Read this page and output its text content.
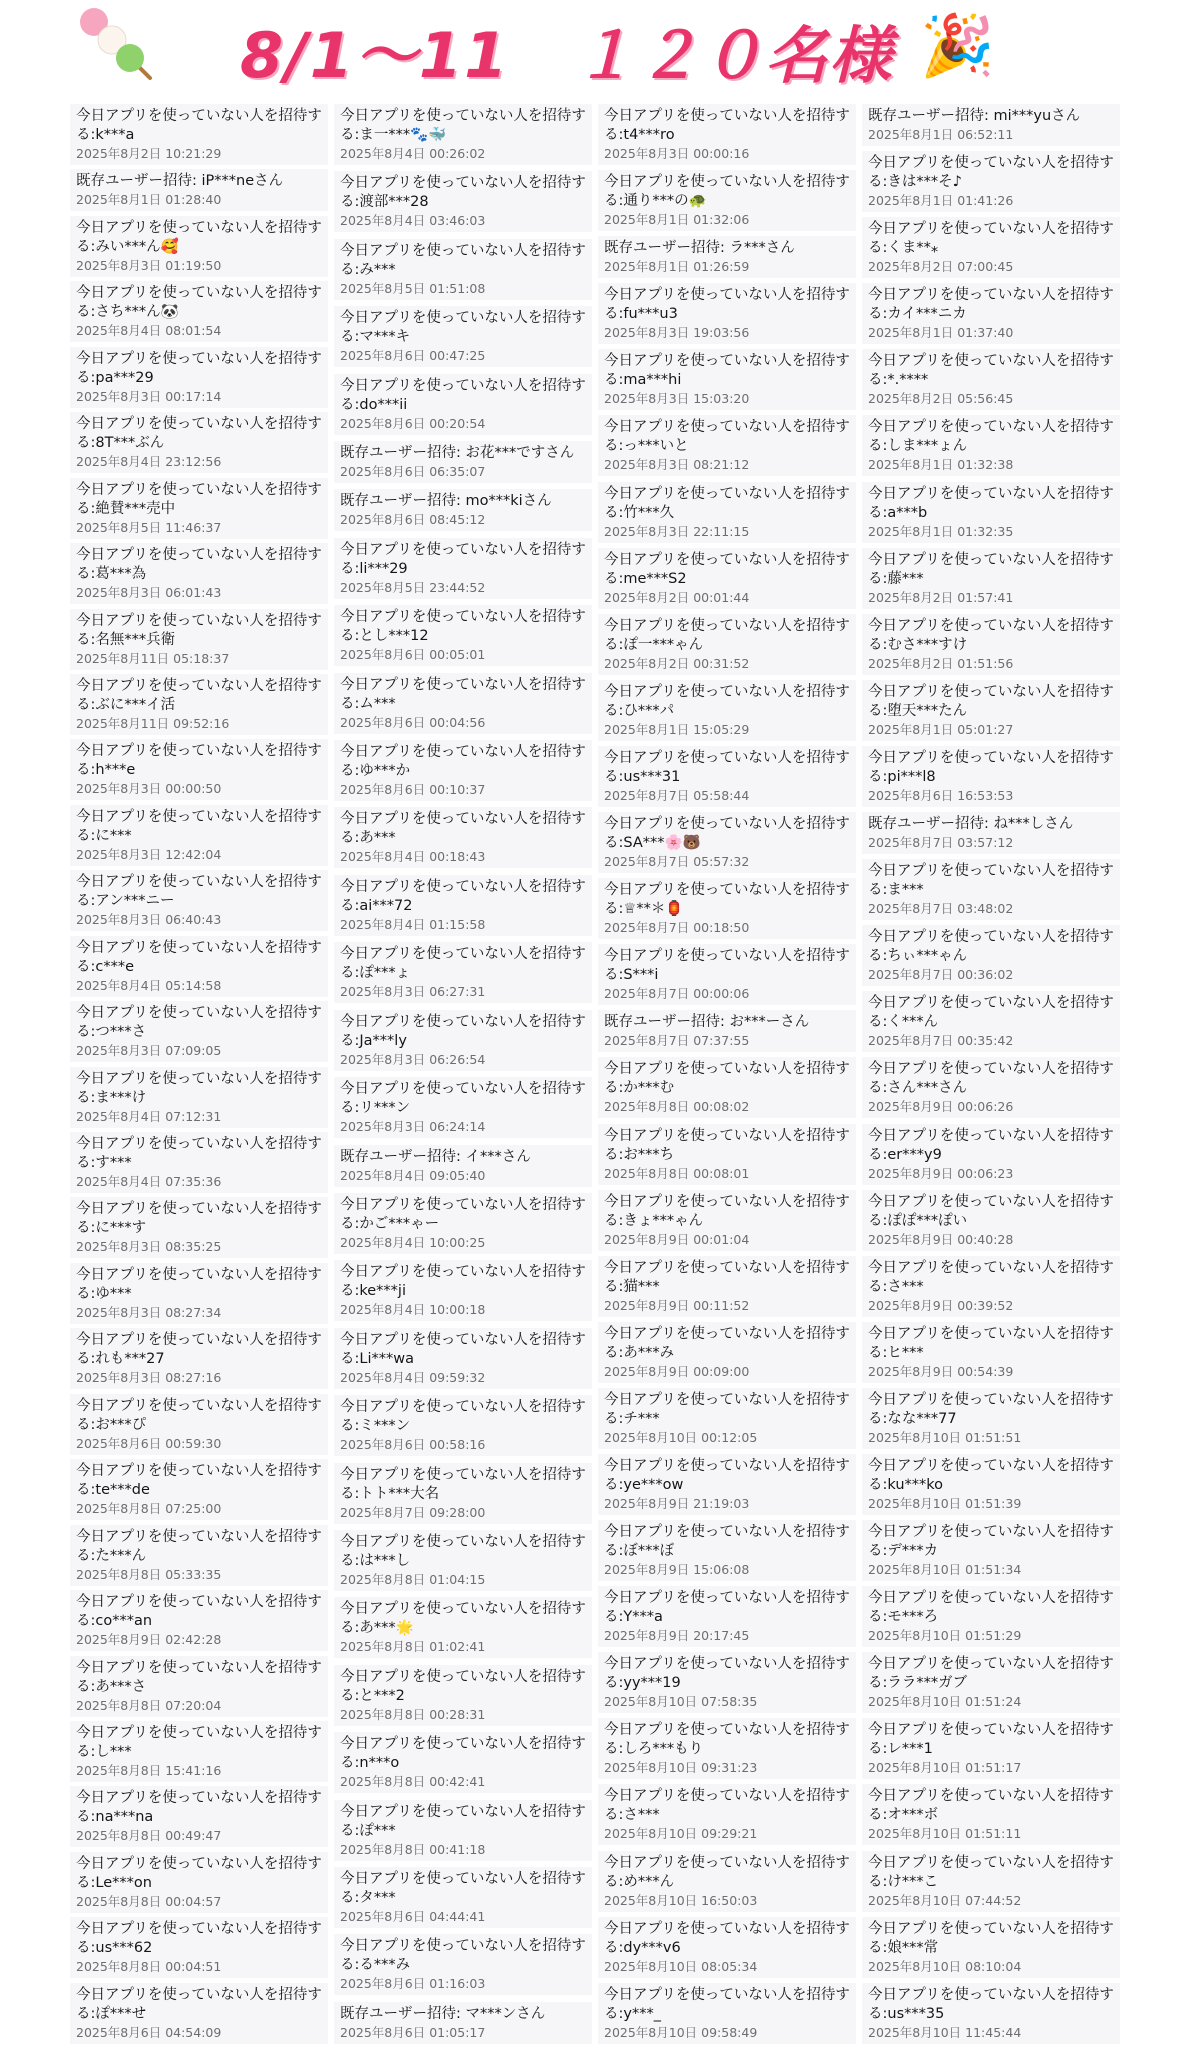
8/1〜11　１２０名様 🎉
今日アプリを使っていない人を招待する:k***a
2025年8月2日 10:21:29
既存ユーザー招待: iP***neさん
2025年8月1日 01:28:40
今日アプリを使っていない人を招待する:みい***ん🥰
2025年8月3日 01:19:50
今日アプリを使っていない人を招待する:さち***ん🐼
2025年8月4日 08:01:54
今日アプリを使っていない人を招待する:pa***29
2025年8月3日 00:17:14
今日アプリを使っていない人を招待する:8T***ぶん
2025年8月4日 23:12:56
今日アプリを使っていない人を招待する:絶賛***売中
2025年8月5日 11:46:37
今日アプリを使っていない人を招待する:葛***為
2025年8月3日 06:01:43
今日アプリを使っていない人を招待する:名無***兵衛
2025年8月11日 05:18:37
今日アプリを使っていない人を招待する:ぶに***イ活
2025年8月11日 09:52:16
今日アプリを使っていない人を招待する:h***e
2025年8月3日 00:00:50
今日アプリを使っていない人を招待する:に***
2025年8月3日 12:42:04
今日アプリを使っていない人を招待する:アン***ニー
2025年8月3日 06:40:43
今日アプリを使っていない人を招待する:c***e
2025年8月4日 05:14:58
今日アプリを使っていない人を招待する:つ***さ
2025年8月3日 07:09:05
今日アプリを使っていない人を招待する:ま***け
2025年8月4日 07:12:31
今日アプリを使っていない人を招待する:す***
2025年8月4日 07:35:36
今日アプリを使っていない人を招待する:に***す
2025年8月3日 08:35:25
今日アプリを使っていない人を招待する:ゆ***
2025年8月3日 08:27:34
今日アプリを使っていない人を招待する:れも***27
2025年8月3日 08:27:16
今日アプリを使っていない人を招待する:お***ぴ
2025年8月6日 00:59:30
今日アプリを使っていない人を招待する:te***de
2025年8月8日 07:25:00
今日アプリを使っていない人を招待する:た***ん
2025年8月8日 05:33:35
今日アプリを使っていない人を招待する:co***an
2025年8月9日 02:42:28
今日アプリを使っていない人を招待する:あ***さ
2025年8月8日 07:20:04
今日アプリを使っていない人を招待する:し***
2025年8月8日 15:41:16
今日アプリを使っていない人を招待する:na***na
2025年8月8日 00:49:47
今日アプリを使っていない人を招待する:Le***on
2025年8月8日 00:04:57
今日アプリを使っていない人を招待する:us***62
2025年8月8日 00:04:51
今日アプリを使っていない人を招待する:ぽ***せ
2025年8月6日 04:54:09
今日アプリを使っていない人を招待する:ま一***🐾🐳
2025年8月4日 00:26:02
今日アプリを使っていない人を招待する:渡部***28
2025年8月4日 03:46:03
今日アプリを使っていない人を招待する:み***
2025年8月5日 01:51:08
今日アプリを使っていない人を招待する:マ***キ
2025年8月6日 00:47:25
今日アプリを使っていない人を招待する:do***ii
2025年8月6日 00:20:54
既存ユーザー招待: お花***ですさん
2025年8月6日 06:35:07
既存ユーザー招待: mo***kiさん
2025年8月6日 08:45:12
今日アプリを使っていない人を招待する:li***29
2025年8月5日 23:44:52
今日アプリを使っていない人を招待する:とし***12
2025年8月6日 00:05:01
今日アプリを使っていない人を招待する:ム***
2025年8月6日 00:04:56
今日アプリを使っていない人を招待する:ゆ***か
2025年8月6日 00:10:37
今日アプリを使っていない人を招待する:あ***
2025年8月4日 00:18:43
今日アプリを使っていない人を招待する:ai***72
2025年8月4日 01:15:58
今日アプリを使っていない人を招待する:ぽ***ょ
2025年8月3日 06:27:31
今日アプリを使っていない人を招待する:Ja***ly
2025年8月3日 06:26:54
今日アプリを使っていない人を招待する:リ***ン
2025年8月3日 06:24:14
既存ユーザー招待: イ***さん
2025年8月4日 09:05:40
今日アプリを使っていない人を招待する:かご***ゃー
2025年8月4日 10:00:25
今日アプリを使っていない人を招待する:ke***ji
2025年8月4日 10:00:18
今日アプリを使っていない人を招待する:Li***wa
2025年8月4日 09:59:32
今日アプリを使っていない人を招待する:ミ***ン
2025年8月6日 00:58:16
今日アプリを使っていない人を招待する:トト***大名
2025年8月7日 09:28:00
今日アプリを使っていない人を招待する:は***し
2025年8月8日 01:04:15
今日アプリを使っていない人を招待する:あ***🌟
2025年8月8日 01:02:41
今日アプリを使っていない人を招待する:と***2
2025年8月8日 00:28:31
今日アプリを使っていない人を招待する:n***o
2025年8月8日 00:42:41
今日アプリを使っていない人を招待する:ぽ***
2025年8月8日 00:41:18
今日アプリを使っていない人を招待する:タ***
2025年8月6日 04:44:41
今日アプリを使っていない人を招待する:る***み
2025年8月6日 01:16:03
既存ユーザー招待: マ***ンさん
2025年8月6日 01:05:17
今日アプリを使っていない人を招待する:t4***ro
2025年8月3日 00:00:16
今日アプリを使っていない人を招待する:通り***の🐢
2025年8月1日 01:32:06
既存ユーザー招待: ラ***さん
2025年8月1日 01:26:59
今日アプリを使っていない人を招待する:fu***u3
2025年8月3日 19:03:56
今日アプリを使っていない人を招待する:ma***hi
2025年8月3日 15:03:20
今日アプリを使っていない人を招待する:っ***いと
2025年8月3日 08:21:12
今日アプリを使っていない人を招待する:竹***久
2025年8月3日 22:11:15
今日アプリを使っていない人を招待する:me***S2
2025年8月2日 00:01:44
今日アプリを使っていない人を招待する:ぽ一***ゃん
2025年8月2日 00:31:52
今日アプリを使っていない人を招待する:ひ***パ
2025年8月1日 15:05:29
今日アプリを使っていない人を招待する:us***31
2025年8月7日 05:58:44
今日アプリを使っていない人を招待する:SA***🌸🐻
2025年8月7日 05:57:32
今日アプリを使っていない人を招待する:♕**＊🏮
2025年8月7日 00:18:50
今日アプリを使っていない人を招待する:S***i
2025年8月7日 00:00:06
既存ユーザー招待: お***ーさん
2025年8月7日 07:37:55
今日アプリを使っていない人を招待する:か***む
2025年8月8日 00:08:02
今日アプリを使っていない人を招待する:お***ち
2025年8月8日 00:08:01
今日アプリを使っていない人を招待する:きょ***ゃん
2025年8月9日 00:01:04
今日アプリを使っていない人を招待する:猫***
2025年8月9日 00:11:52
今日アプリを使っていない人を招待する:あ***み
2025年8月9日 00:09:00
今日アプリを使っていない人を招待する:チ***
2025年8月10日 00:12:05
今日アプリを使っていない人を招待する:ye***ow
2025年8月9日 21:19:03
今日アプリを使っていない人を招待する:ぼ***ぼ
2025年8月9日 15:06:08
今日アプリを使っていない人を招待する:Y***a
2025年8月9日 20:17:45
今日アプリを使っていない人を招待する:yy***19
2025年8月10日 07:58:35
今日アプリを使っていない人を招待する:しろ***もり
2025年8月10日 09:31:23
今日アプリを使っていない人を招待する:さ***
2025年8月10日 09:29:21
今日アプリを使っていない人を招待する:め***ん
2025年8月10日 16:50:03
今日アプリを使っていない人を招待する:dy***v6
2025年8月10日 08:05:34
今日アプリを使っていない人を招待する:y***_
2025年8月10日 09:58:49
既存ユーザー招待: mi***yuさん
2025年8月1日 06:52:11
今日アプリを使っていない人を招待する:きは***そ♪
2025年8月1日 01:41:26
今日アプリを使っていない人を招待する:くま**⁎
2025年8月2日 07:00:45
今日アプリを使っていない人を招待する:カイ***ニカ
2025年8月1日 01:37:40
今日アプリを使っていない人を招待する:*.****
2025年8月2日 05:56:45
今日アプリを使っていない人を招待する:しま***ょん
2025年8月1日 01:32:38
今日アプリを使っていない人を招待する:a***b
2025年8月1日 01:32:35
今日アプリを使っていない人を招待する:藤***
2025年8月2日 01:57:41
今日アプリを使っていない人を招待する:むさ***すけ
2025年8月2日 01:51:56
今日アプリを使っていない人を招待する:堕天***たん
2025年8月1日 05:01:27
今日アプリを使っていない人を招待する:pi***l8
2025年8月6日 16:53:53
既存ユーザー招待: ね***しさん
2025年8月7日 03:57:12
今日アプリを使っていない人を招待する:ま***
2025年8月7日 03:48:02
今日アプリを使っていない人を招待する:ちぃ***ゃん
2025年8月7日 00:36:02
今日アプリを使っていない人を招待する:く***ん
2025年8月7日 00:35:42
今日アプリを使っていない人を招待する:さん***さん
2025年8月9日 00:06:26
今日アプリを使っていない人を招待する:er***y9
2025年8月9日 00:06:23
今日アプリを使っていない人を招待する:ぽぽ***ぽい
2025年8月9日 00:40:28
今日アプリを使っていない人を招待する:さ***
2025年8月9日 00:39:52
今日アプリを使っていない人を招待する:ヒ***
2025年8月9日 00:54:39
今日アプリを使っていない人を招待する:なな***77
2025年8月10日 01:51:51
今日アプリを使っていない人を招待する:ku***ko
2025年8月10日 01:51:39
今日アプリを使っていない人を招待する:デ***カ
2025年8月10日 01:51:34
今日アプリを使っていない人を招待する:モ***ろ
2025年8月10日 01:51:29
今日アプリを使っていない人を招待する:ララ***ガブ
2025年8月10日 01:51:24
今日アプリを使っていない人を招待する:レ***1
2025年8月10日 01:51:17
今日アプリを使っていない人を招待する:オ***ボ
2025年8月10日 01:51:11
今日アプリを使っていない人を招待する:け***こ
2025年8月10日 07:44:52
今日アプリを使っていない人を招待する:娘***常
2025年8月10日 08:10:04
今日アプリを使っていない人を招待する:us***35
2025年8月10日 11:45:44
